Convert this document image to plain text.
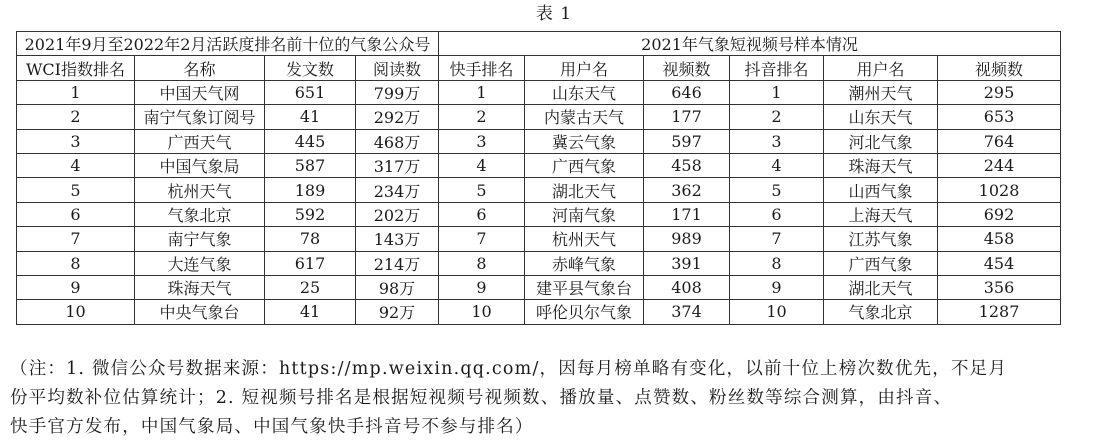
表 1
2021年9月至2022年2月活跃度排名前十位的气象公众号				2021年气象短视频号样本情况					
WCI指数排名	名称	发文数	阅读数	快手排名	用户名	视频数	抖音排名	用户名	视频数
1	中国天气网	651	799万	1	山东天气	646	1	潮州天气	295
2	南宁气象订阅号	41	292万	2	内蒙古天气	177	2	山东天气	653
3	广西天气	445	468万	3	冀云气象	597	3	河北气象	764
4	中国气象局	587	317万	4	广西气象	458	4	珠海天气	244
5	杭州天气	189	234万	5	湖北天气	362	5	山西气象	1028
6	气象北京	592	202万	6	河南气象	171	6	上海天气	692
7	南宁气象	78	143万	7	杭州天气	989	7	江苏气象	458
8	大连气象	617	214万	8	赤峰气象	391	8	广西气象	454
9	珠海天气	25	98万	9	建平县气象台	408	9	湖北天气	356
10	中央气象台	41	92万	10	呼伦贝尔气象	374	10	气象北京	1287
（注：1. 微信公众号数据来源：https://mp.weixin.qq.com/，因每月榜单略有变化，以前十位上榜次数优先，不足月
份平均数补位估算统计；2. 短视频号排名是根据短视频号视频数、播放量、点赞数、粉丝数等综合测算，由抖音、
快手官方发布，中国气象局、中国气象快手抖音号不参与排名）
